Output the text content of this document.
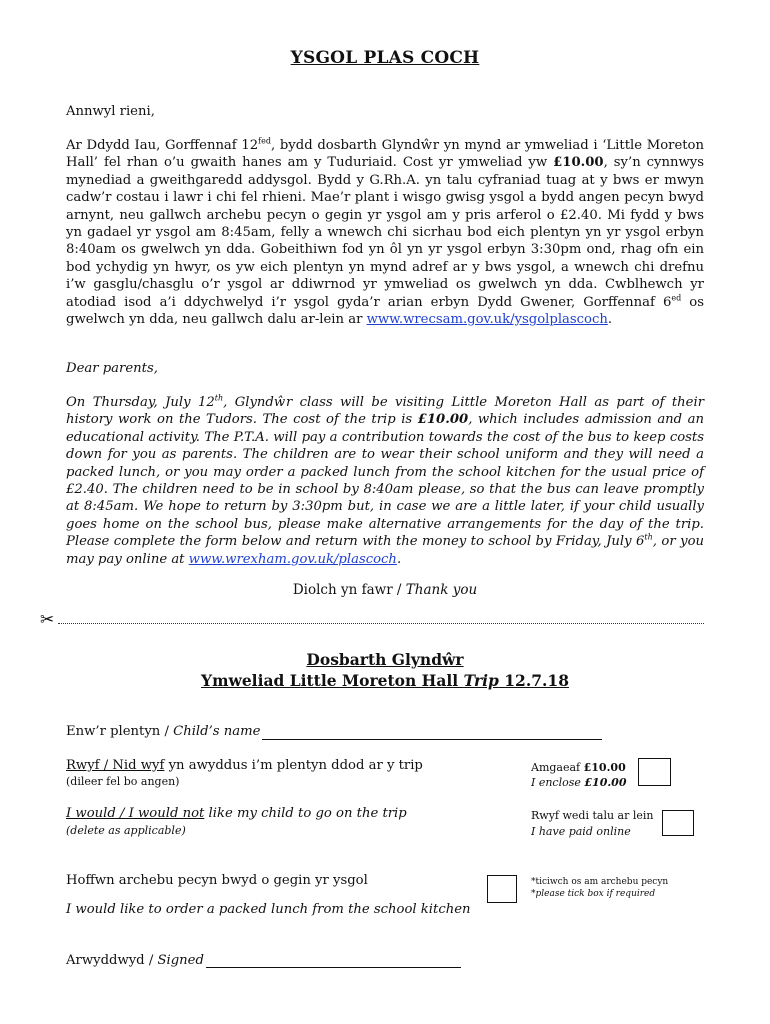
YSGOL PLAS COCH
Annwyl rieni,
Ar Ddydd Iau, Gorffennaf $12^{fed}$, bydd dosbarth Glyndŵr yn mynd ar ymweliad i ‘Little Moreton Hall’ fel rhan o’u gwaith hanes am y Tuduriaid. Cost yr ymweliad yw £10.00, sy’n cynnwys mynediad a gweithgaredd addysgol. Bydd y G.Rh.A. yn talu cyfraniad tuag at y bws er mwyn cadw’r costau i lawr i chi fel rhieni. Mae’r plant i wisgo gwisg ysgol a bydd angen pecyn bwyd arnynt, neu gallwch archebu pecyn o gegin yr ysgol am y pris arferol o £2.40. Mi fydd y bws yn gadael yr ysgol am 8:45am, felly a wnewch chi sicrhau bod eich plentyn yn yr ysgol erbyn 8:40am os gwelwch yn dda. Gobeithiwn fod yn ôl yn yr ysgol erbyn 3:30pm ond, rhag ofn ein bod ychydig yn hwyr, os yw eich plentyn yn mynd adref ar y bws ysgol, a wnewch chi drefnu i’w gasglu/chasglu o’r ysgol ar ddiwrnod yr ymweliad os gwelwch yn dda. Cwblhewch yr atodiad isod a’i ddychwelyd i’r ysgol gyda’r arian erbyn Dydd Gwener, Gorffennaf $6^{ed}$ os gwelwch yn dda, neu gallwch dalu ar-lein ar www.wrecsam.gov.uk/ysgolplascoch.
Dear parents,
On Thursday, July 12th, Glyndŵr class will be visiting Little Moreton Hall as part of their history work on the Tudors. The cost of the trip is £10.00, which includes admission and an educational activity. The P.T.A. will pay a contribution towards the cost of the bus to keep costs down for you as parents. The children are to wear their school uniform and they will need a packed lunch, or you may order a packed lunch from the school kitchen for the usual price of £2.40. The children need to be in school by 8:40am please, so that the bus can leave promptly at 8:45am. We hope to return by 3:30pm but, in case we are a little later, if your child usually goes home on the school bus, please make alternative arrangements for the day of the trip. Please complete the form below and return with the money to school by Friday, July 6th, or you may pay online at www.wrexham.gov.uk/plascoch.
Diolch yn fawr / Thank you
✂
Dosbarth Glyndŵr
Ymweliad Little Moreton Hall Trip 12.7.18
Enw’r plentyn / Child’s name
Rwyf / Nid wyf yn awyddus i’m plentyn ddod ar y trip
(dileer fel bo angen)
Amgaeaf £10.00
I enclose £10.00
I would / I would not like my child to go on the trip
(delete as applicable)
Rwyf wedi talu ar lein
I have paid online
Hoffwn archebu pecyn bwyd o gegin yr ysgol
I would like to order a packed lunch from the school kitchen
*ticiwch os am archebu pecyn
*please tick box if required
Arwyddwyd / Signed
